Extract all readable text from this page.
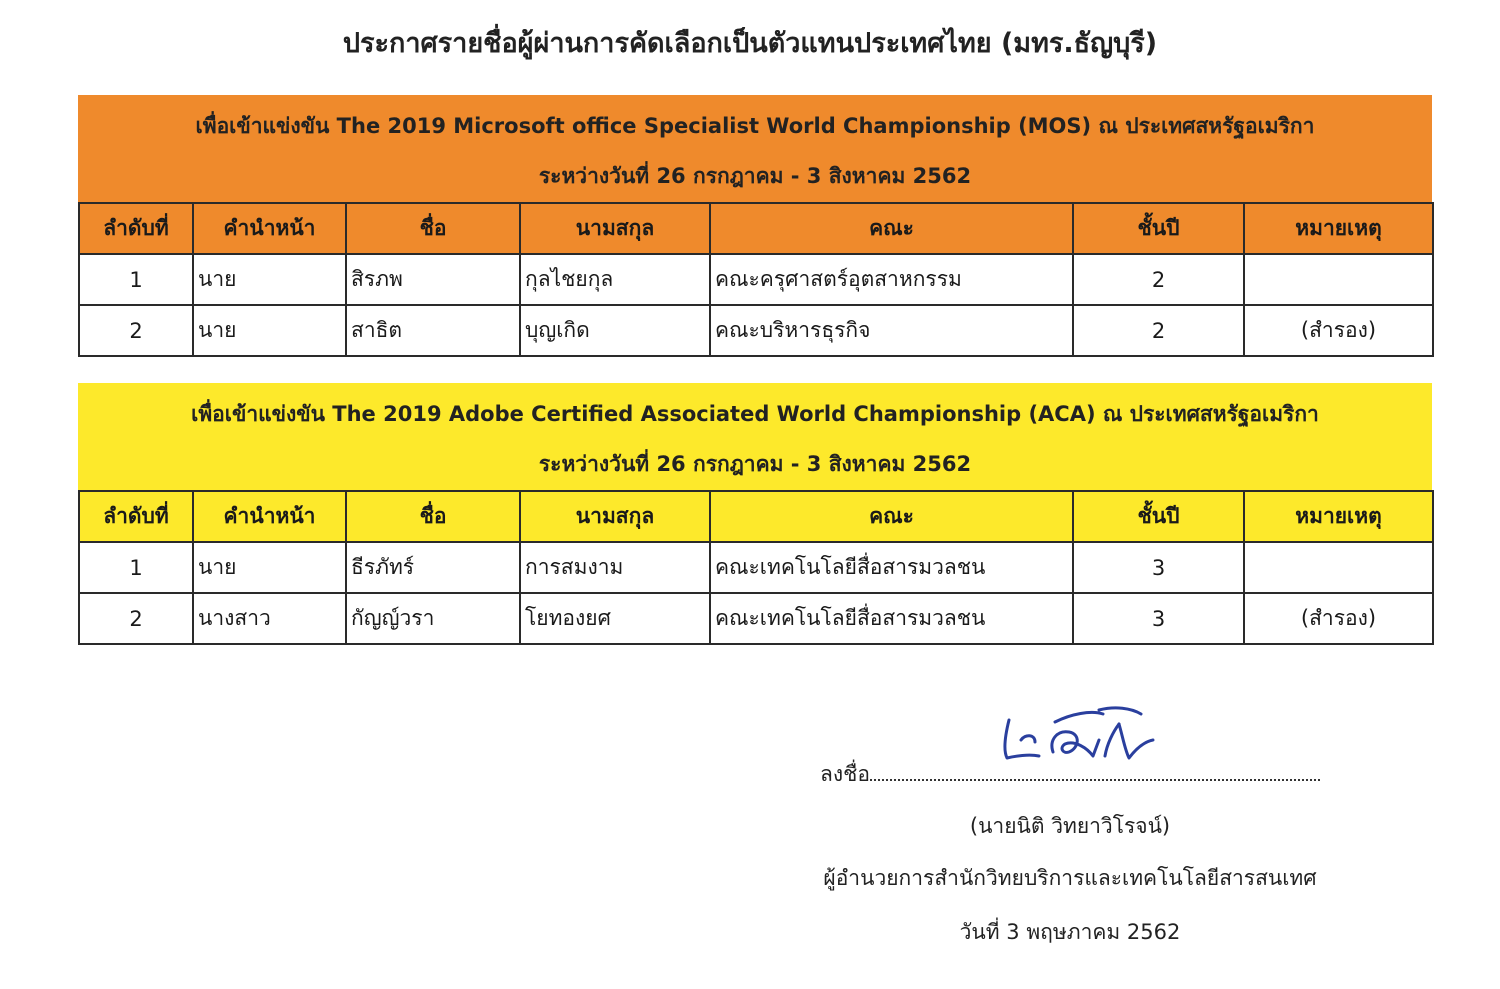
ประกาศรายชื่อผู้ผ่านการคัดเลือกเป็นตัวแทนประเทศไทย (มทร.ธัญบุรี)
เพื่อเข้าแข่งขัน The 2019 Microsoft office Specialist World Championship (MOS) ณ ประเทศสหรัฐอเมริกา
ระหว่างวันที่ 26 กรกฎาคม - 3 สิงหาคม 2562
ลำดับที่	คำนำหน้า	ชื่อ	นามสกุล	คณะ	ชั้นปี	หมายเหตุ
1	นาย	สิรภพ	กุลไชยกุล	คณะครุศาสตร์อุตสาหกรรม	2	
2	นาย	สาธิต	บุญเกิด	คณะบริหารธุรกิจ	2	(สำรอง)
เพื่อเข้าแข่งขัน The 2019 Adobe Certified Associated World Championship (ACA) ณ ประเทศสหรัฐอเมริกา
ระหว่างวันที่ 26 กรกฎาคม - 3 สิงหาคม 2562
ลำดับที่	คำนำหน้า	ชื่อ	นามสกุล	คณะ	ชั้นปี	หมายเหตุ
1	นาย	ธีรภัทร์	การสมงาม	คณะเทคโนโลยีสื่อสารมวลชน	3	
2	นางสาว	กัญญ์วรา	โยทองยศ	คณะเทคโนโลยีสื่อสารมวลชน	3	(สำรอง)
ลงชื่อ
(นายนิติ วิทยาวิโรจน์)
ผู้อำนวยการสำนักวิทยบริการและเทคโนโลยีสารสนเทศ
วันที่ 3 พฤษภาคม 2562
